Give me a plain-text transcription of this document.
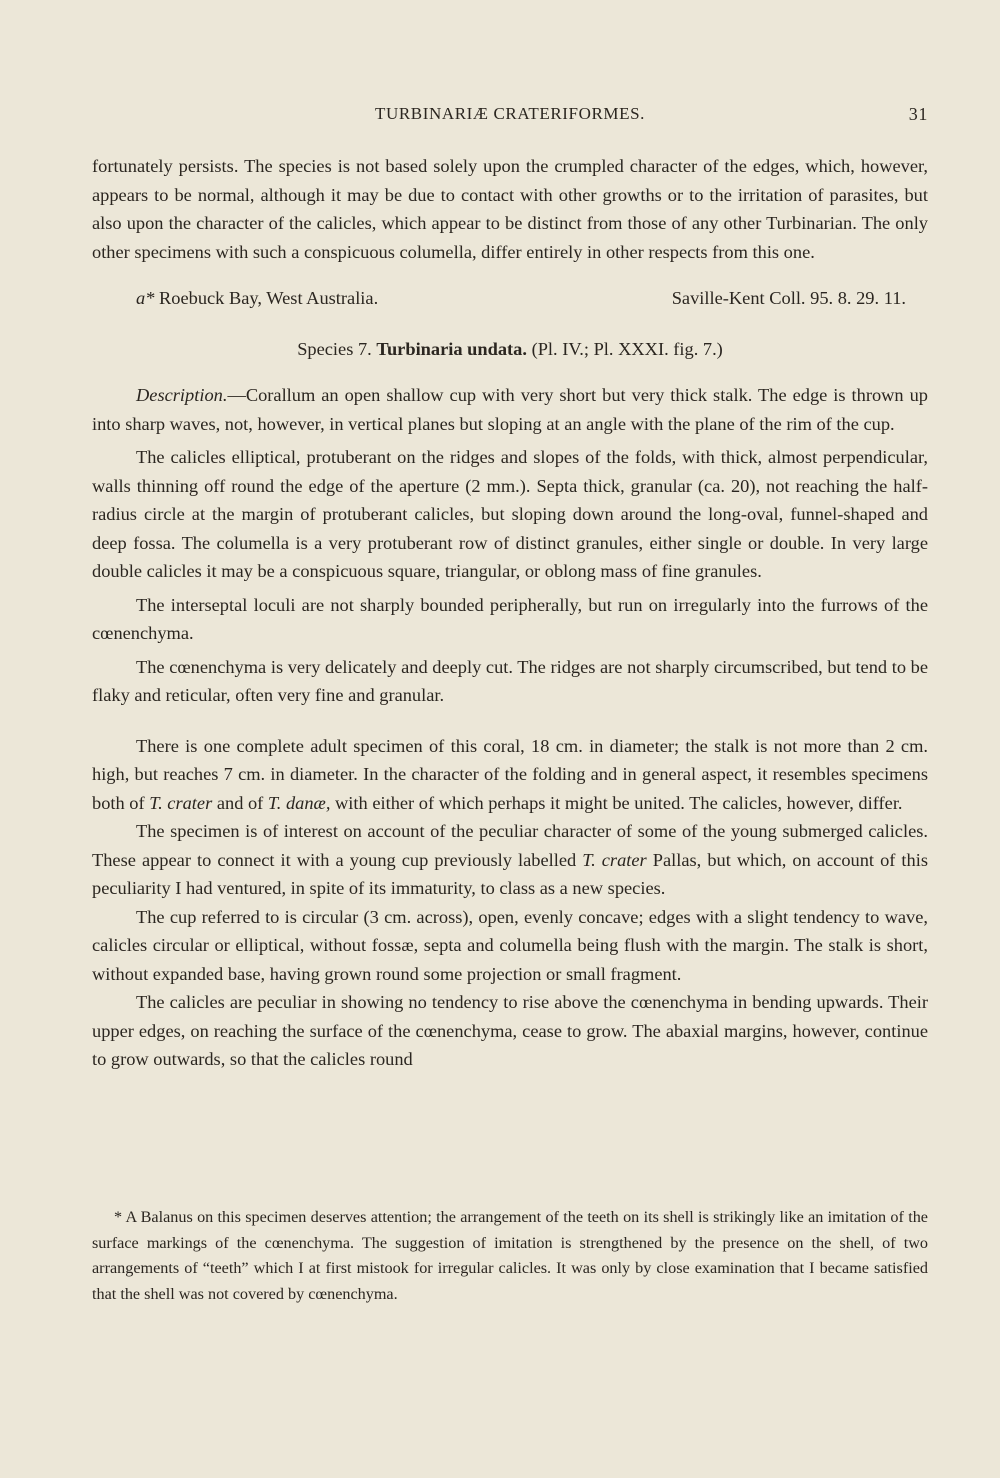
TURBINARIÆ CRATERIFORMES.	31

fortunately persists. The species is not based solely upon the crumpled character of the edges, which, however, appears to be normal, although it may be due to contact with other growths or to the irritation of parasites, but also upon the character of the calicles, which appear to be distinct from those of any other Turbinarian. The only other specimens with such a conspicuous columella, differ entirely in other respects from this one.

a* Roebuck Bay, West Australia.	Saville-Kent Coll. 95. 8. 29. 11.

Species 7. Turbinaria undata. (Pl. IV.; Pl. XXXI. fig. 7.)

Description.—Corallum an open shallow cup with very short but very thick stalk. The edge is thrown up into sharp waves, not, however, in vertical planes but sloping at an angle with the plane of the rim of the cup.

The calicles elliptical, protuberant on the ridges and slopes of the folds, with thick, almost perpendicular, walls thinning off round the edge of the aperture (2 mm.). Septa thick, granular (ca. 20), not reaching the half-radius circle at the margin of protuberant calicles, but sloping down around the long-oval, funnel-shaped and deep fossa. The columella is a very protuberant row of distinct granules, either single or double. In very large double calicles it may be a conspicuous square, triangular, or oblong mass of fine granules.

The interseptal loculi are not sharply bounded peripherally, but run on irregularly into the furrows of the cœnenchyma.

The cœnenchyma is very delicately and deeply cut. The ridges are not sharply circumscribed, but tend to be flaky and reticular, often very fine and granular.

There is one complete adult specimen of this coral, 18 cm. in diameter; the stalk is not more than 2 cm. high, but reaches 7 cm. in diameter. In the character of the folding and in general aspect, it resembles specimens both of T. crater and of T. danæ, with either of which perhaps it might be united. The calicles, however, differ.

The specimen is of interest on account of the peculiar character of some of the young submerged calicles. These appear to connect it with a young cup previously labelled T. crater Pallas, but which, on account of this peculiarity I had ventured, in spite of its immaturity, to class as a new species.

The cup referred to is circular (3 cm. across), open, evenly concave; edges with a slight tendency to wave, calicles circular or elliptical, without fossæ, septa and columella being flush with the margin. The stalk is short, without expanded base, having grown round some projection or small fragment.

The calicles are peculiar in showing no tendency to rise above the cœnenchyma in bending upwards. Their upper edges, on reaching the surface of the cœnenchyma, cease to grow. The abaxial margins, however, continue to grow outwards, so that the calicles round

* A Balanus on this specimen deserves attention; the arrangement of the teeth on its shell is strikingly like an imitation of the surface markings of the cœnenchyma. The suggestion of imitation is strengthened by the presence on the shell, of two arrangements of “teeth” which I at first mistook for irregular calicles. It was only by close examination that I became satisfied that the shell was not covered by cœnenchyma.
